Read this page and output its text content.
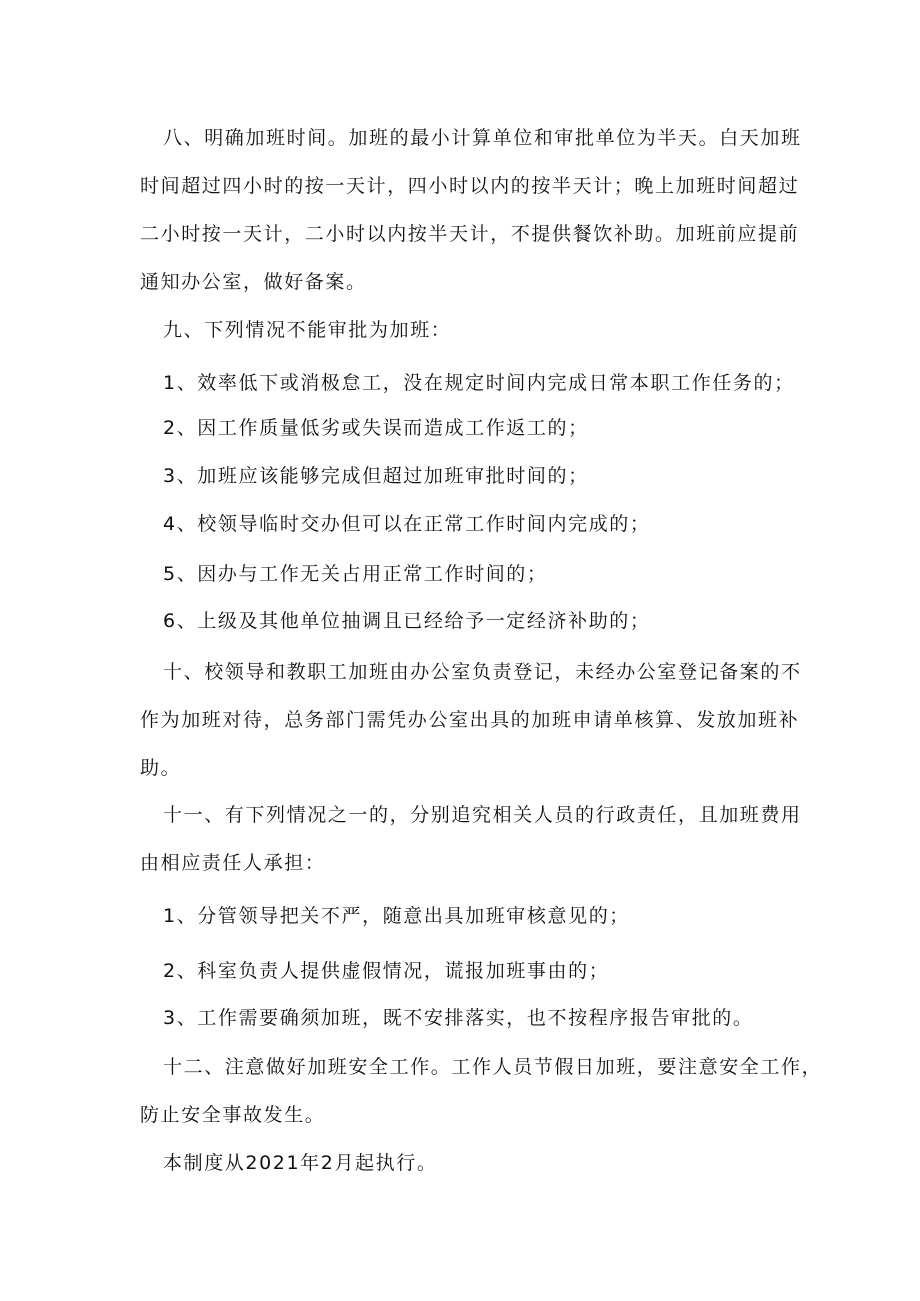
八、明确加班时间。加班的最小计算单位和审批单位为半天。白天加班
时间超过四小时的按一天计，四小时以内的按半天计；晚上加班时间超过
二小时按一天计，二小时以内按半天计，不提供餐饮补助。加班前应提前
通知办公室，做好备案。
九、下列情况不能审批为加班：
1、效率低下或消极怠工，没在规定时间内完成日常本职工作任务的；
2、因工作质量低劣或失误而造成工作返工的；
3、加班应该能够完成但超过加班审批时间的；
4、校领导临时交办但可以在正常工作时间内完成的；
5、因办与工作无关占用正常工作时间的；
6、上级及其他单位抽调且已经给予一定经济补助的；
十、校领导和教职工加班由办公室负责登记，未经办公室登记备案的不
作为加班对待，总务部门需凭办公室出具的加班申请单核算、发放加班补
助。
十一、有下列情况之一的，分别追究相关人员的行政责任，且加班费用
由相应责任人承担：
1、分管领导把关不严，随意出具加班审核意见的；
2、科室负责人提供虚假情况，谎报加班事由的；
3、工作需要确须加班，既不安排落实，也不按程序报告审批的。
十二、注意做好加班安全工作。工作人员节假日加班，要注意安全工作，
防止安全事故发生。
本制度从2021年2月起执行。
